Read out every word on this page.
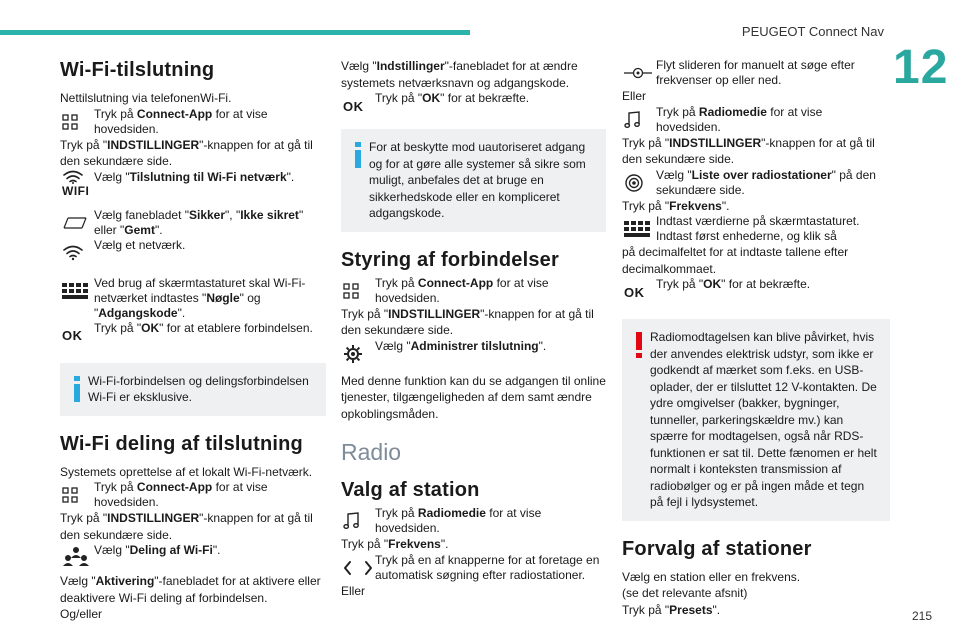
PEUGEOT Connect Nav
12
215
Wi-Fi-tilslutning
Nettilslutning via telefonenWi-Fi.
Tryk på Connect-App for at vise hovedsiden.
Tryk på "INDSTILLINGER"-knappen for at gå til den sekundære side.
WIFI
Vælg "Tilslutning til Wi-Fi netværk".
Vælg fanebladet "Sikker", "Ikke sikret" eller "Gemt".
Vælg et netværk.
Ved brug af skærmtastaturet skal Wi-Fi-netværket indtastes "Nøgle" og "Adgangskode".
OK
Tryk på "OK" for at etablere forbindelsen.
Wi-Fi-forbindelsen og delingsforbindelsen Wi-Fi er eksklusive.
Wi-Fi deling af tilslutning
Systemets oprettelse af et lokalt Wi-Fi-netværk.
Tryk på Connect-App for at vise hovedsiden.
Tryk på "INDSTILLINGER"-knappen for at gå til den sekundære side.
Vælg "Deling af Wi-Fi".
Vælg "Aktivering"-fanebladet for at aktivere eller deaktivere Wi-Fi deling af forbindelsen.
Og/eller
Vælg "Indstillinger"-fanebladet for at ændre systemets netværksnavn og adgangskode.
OK
Tryk på "OK" for at bekræfte.
For at beskytte mod uautoriseret adgang og for at gøre alle systemer så sikre som muligt, anbefales det at bruge en sikkerhedskode eller en kompliceret adgangskode.
Styring af forbindelser
Tryk på Connect-App for at vise hovedsiden.
Tryk på "INDSTILLINGER"-knappen for at gå til den sekundære side.
Vælg "Administrer tilslutning".
Med denne funktion kan du se adgangen til online tjenester, tilgængeligheden af dem samt ændre opkoblingsmåden.
Radio
Valg af station
Tryk på Radiomedie for at vise hovedsiden.
Tryk på "Frekvens".
Tryk på en af knapperne for at foretage en automatisk søgning efter radiostationer.
Eller
Flyt slideren for manuelt at søge efter frekvenser op eller ned.
Eller
Tryk på Radiomedie for at vise hovedsiden.
Tryk på "INDSTILLINGER"-knappen for at gå til den sekundære side.
Vælg "Liste over radiostationer" på den sekundære side.
Tryk på "Frekvens".
Indtast værdierne på skærmtastaturet. Indtast først enhederne, og klik så
på decimalfeltet for at indtaste tallene efter decimalkommaet.
OK
Tryk på "OK" for at bekræfte.
Radiomodtagelsen kan blive påvirket, hvis der anvendes elektrisk udstyr, som ikke er godkendt af mærket som f.eks. en USB-oplader, der er tilsluttet 12 V-kontakten. De ydre omgivelser (bakker, bygninger, tunneller, parkeringskældre mv.) kan spærre for modtagelsen, også når RDS-funktionen er sat til. Dette fænomen er helt normalt i konteksten transmission af radiobølger og er på ingen måde et tegn på fejl i lydsystemet.
Forvalg af stationer
Vælg en station eller en frekvens.
(se det relevante afsnit)
Tryk på "Presets".
